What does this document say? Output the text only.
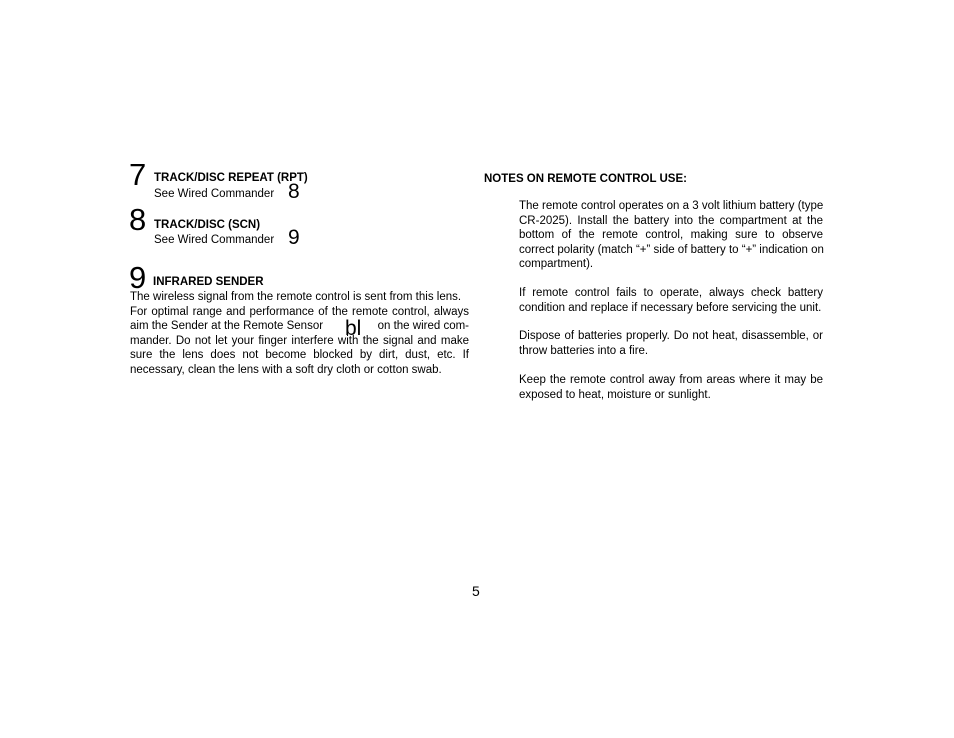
7 TRACK/DISC REPEAT (RPT)
See Wired Commander 8
8 TRACK/DISC (SCN)
See Wired Commander 9
9 INFRARED SENDER
The wireless signal from the remote control is sent from this lens.
For optimal range and performance of the remote control, always
aim the Sender at the Remote Sensor bl on the wired com-
mander. Do not let your finger interfere with the signal and make
sure the lens does not become blocked by dirt, dust, etc. If
necessary, clean the lens with a soft dry cloth or cotton swab.
NOTES ON REMOTE CONTROL USE:
The remote control operates on a 3 volt lithium battery (type
CR-2025). Install the battery into the compartment at the
bottom of the remote control, making sure to observe
correct polarity (match “+” side of battery to “+” indication on
compartment).
If remote control fails to operate, always check battery
condition and replace if necessary before servicing the unit.
Dispose of batteries properly. Do not heat, disassemble, or
throw batteries into a fire.
Keep the remote control away from areas where it may be
exposed to heat, moisture or sunlight.
5
